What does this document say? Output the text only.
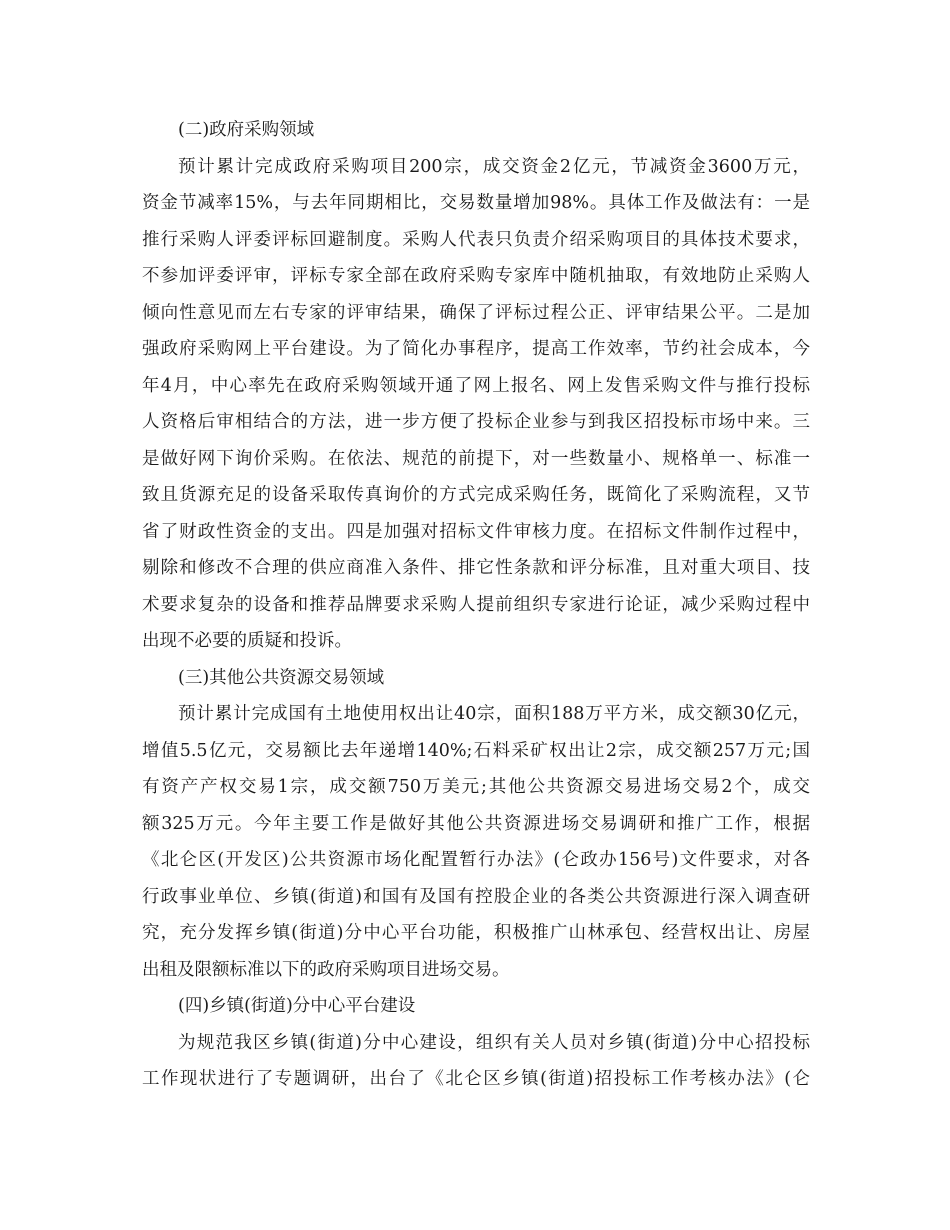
(二)政府采购领域
预计累计完成政府采购项目200宗，成交资金2亿元，节减资金3600万元，
资金节减率15%，与去年同期相比，交易数量增加98%。具体工作及做法有：一是
推行采购人评委评标回避制度。采购人代表只负责介绍采购项目的具体技术要求，
不参加评委评审，评标专家全部在政府采购专家库中随机抽取，有效地防止采购人
倾向性意见而左右专家的评审结果，确保了评标过程公正、评审结果公平。二是加
强政府采购网上平台建设。为了简化办事程序，提高工作效率，节约社会成本，今
年4月，中心率先在政府采购领域开通了网上报名、网上发售采购文件与推行投标
人资格后审相结合的方法，进一步方便了投标企业参与到我区招投标市场中来。三
是做好网下询价采购。在依法、规范的前提下，对一些数量小、规格单一、标准一
致且货源充足的设备采取传真询价的方式完成采购任务，既简化了采购流程，又节
省了财政性资金的支出。四是加强对招标文件审核力度。在招标文件制作过程中，
剔除和修改不合理的供应商准入条件、排它性条款和评分标准，且对重大项目、技
术要求复杂的设备和推荐品牌要求采购人提前组织专家进行论证，减少采购过程中
出现不必要的质疑和投诉。
(三)其他公共资源交易领域
预计累计完成国有土地使用权出让40宗，面积188万平方米，成交额30亿元，
增值5.5亿元，交易额比去年递增140%;石料采矿权出让2宗，成交额257万元;国
有资产产权交易1宗，成交额750万美元;其他公共资源交易进场交易2个，成交
额325万元。今年主要工作是做好其他公共资源进场交易调研和推广工作，根据
《北仑区(开发区)公共资源市场化配置暂行办法》(仑政办156号)文件要求，对各
行政事业单位、乡镇(街道)和国有及国有控股企业的各类公共资源进行深入调查研
究，充分发挥乡镇(街道)分中心平台功能，积极推广山林承包、经营权出让、房屋
出租及限额标准以下的政府采购项目进场交易。
(四)乡镇(街道)分中心平台建设
为规范我区乡镇(街道)分中心建设，组织有关人员对乡镇(街道)分中心招投标
工作现状进行了专题调研，出台了《北仑区乡镇(街道)招投标工作考核办法》(仑
